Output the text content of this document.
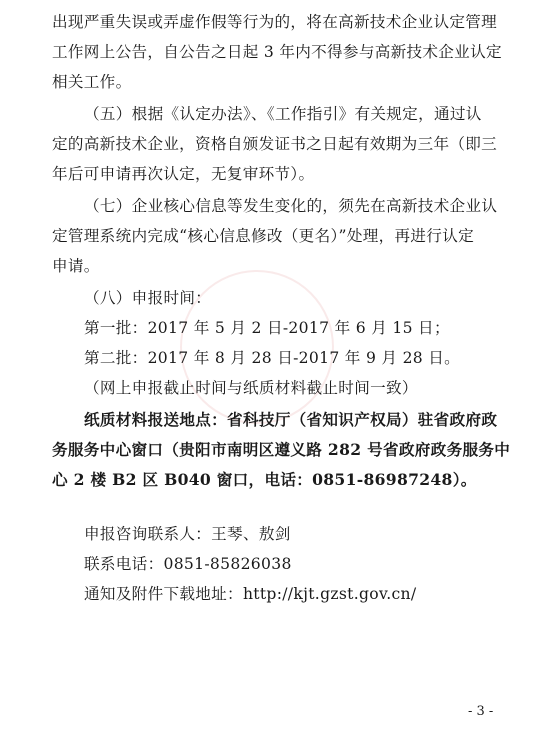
出现严重失误或弄虚作假等行为的，将在高新技术企业认定管理
工作网上公告，自公告之日起 3 年内不得参与高新技术企业认定
相关工作。
（五）根据《认定办法》、《工作指引》有关规定，通过认
定的高新技术企业，资格自颁发证书之日起有效期为三年（即三
年后可申请再次认定，无复审环节）。
（七）企业核心信息等发生变化的，须先在高新技术企业认
定管理系统内完成“核心信息修改（更名）”处理，再进行认定
申请。
（八）申报时间：
第一批：2017 年 5 月 2 日-2017 年 6 月 15 日；
第二批：2017 年 8 月 28 日-2017 年 9 月 28 日。
（网上申报截止时间与纸质材料截止时间一致）
纸质材料报送地点：省科技厅（省知识产权局）驻省政府政
务服务中心窗口（贵阳市南明区遵义路 282 号省政府政务服务中
心 2 楼 B2 区 B040 窗口，电话：0851-86987248）。
申报咨询联系人：王琴、敖剑
联系电话：0851-85826038
通知及附件下载地址：http://kjt.gzst.gov.cn/
- 3 -
